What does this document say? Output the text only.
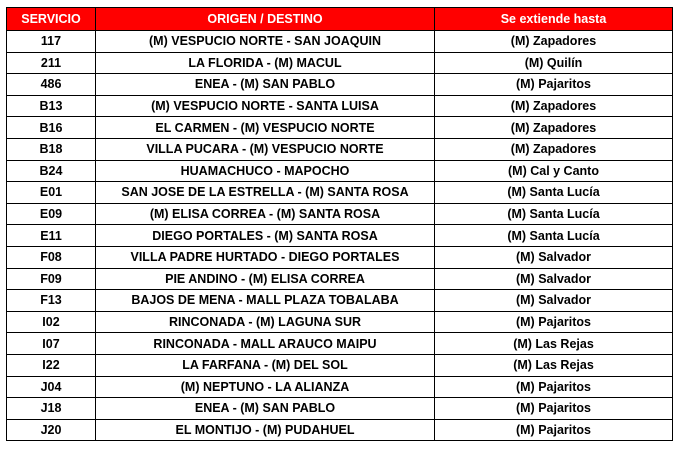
SERVICIO	ORIGEN / DESTINO	Se extiende hasta
117	(M) VESPUCIO NORTE - SAN JOAQUIN	(M) Zapadores
211	LA FLORIDA - (M) MACUL	(M) Quilín
486	ENEA - (M) SAN PABLO	(M) Pajaritos
B13	(M) VESPUCIO NORTE - SANTA LUISA	(M) Zapadores
B16	EL CARMEN - (M) VESPUCIO NORTE	(M) Zapadores
B18	VILLA PUCARA - (M) VESPUCIO NORTE	(M) Zapadores
B24	HUAMACHUCO - MAPOCHO	(M) Cal y Canto
E01	SAN JOSE DE LA ESTRELLA - (M) SANTA ROSA	(M) Santa Lucía
E09	(M) ELISA CORREA - (M) SANTA ROSA	(M) Santa Lucía
E11	DIEGO PORTALES - (M) SANTA ROSA	(M) Santa Lucía
F08	VILLA PADRE HURTADO - DIEGO PORTALES	(M) Salvador
F09	PIE ANDINO - (M) ELISA CORREA	(M) Salvador
F13	BAJOS DE MENA - MALL PLAZA TOBALABA	(M) Salvador
I02	RINCONADA - (M) LAGUNA SUR	(M) Pajaritos
I07	RINCONADA - MALL ARAUCO MAIPU	(M) Las Rejas
I22	LA FARFANA - (M) DEL SOL	(M) Las Rejas
J04	(M) NEPTUNO - LA ALIANZA	(M) Pajaritos
J18	ENEA - (M) SAN PABLO	(M) Pajaritos
J20	EL MONTIJO - (M) PUDAHUEL	(M) Pajaritos
